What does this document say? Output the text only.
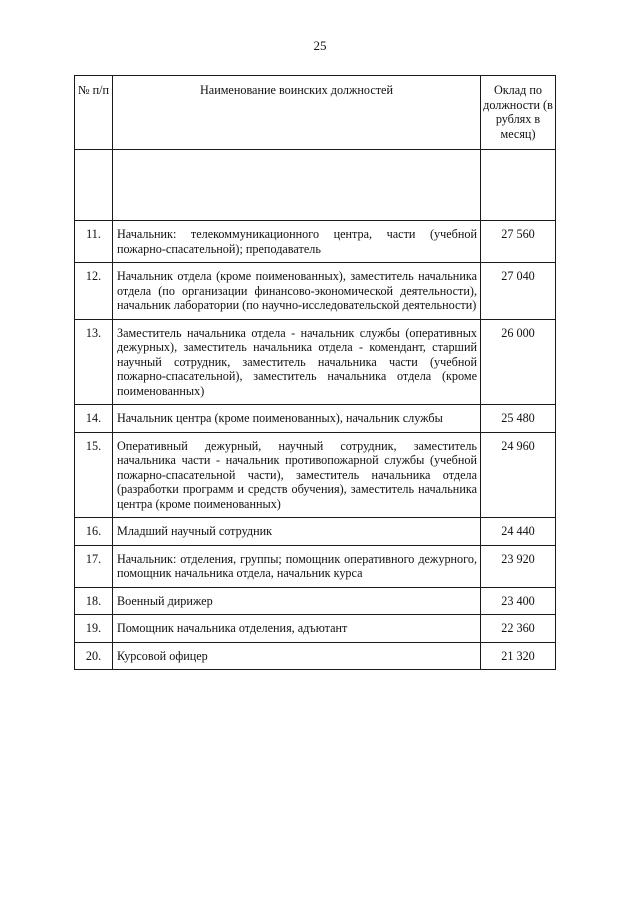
25
№ п/п	Наименование воинских должностей	Оклад по должности (в рублях в месяц)

11.	Начальник: телекоммуникационного центра, части (учебной пожарно-спасательной); преподаватель	27 560
12.	Начальник отдела (кроме поименованных), заместитель начальника отдела (по организации финансово-экономической деятельности), начальник лаборатории (по научно-исследовательской деятельности)	27 040
13.	Заместитель начальника отдела - начальник службы (оперативных дежурных), заместитель начальника отдела - комендант, старший научный сотрудник, заместитель начальника части (учебной пожарно-спасательной), заместитель начальника отдела (кроме поименованных)	26 000
14.	Начальник центра (кроме поименованных), начальник службы	25 480
15.	Оперативный дежурный, научный сотрудник, заместитель начальника части - начальник противопожарной службы (учебной пожарно-спасательной части), заместитель начальника отдела (разработки программ и средств обучения), заместитель начальника центра (кроме поименованных)	24 960
16.	Младший научный сотрудник	24 440
17.	Начальник: отделения, группы; помощник оперативного дежурного, помощник начальника отдела, начальник курса	23 920
18.	Военный дирижер	23 400
19.	Помощник начальника отделения, адъютант	22 360
20.	Курсовой офицер	21 320
